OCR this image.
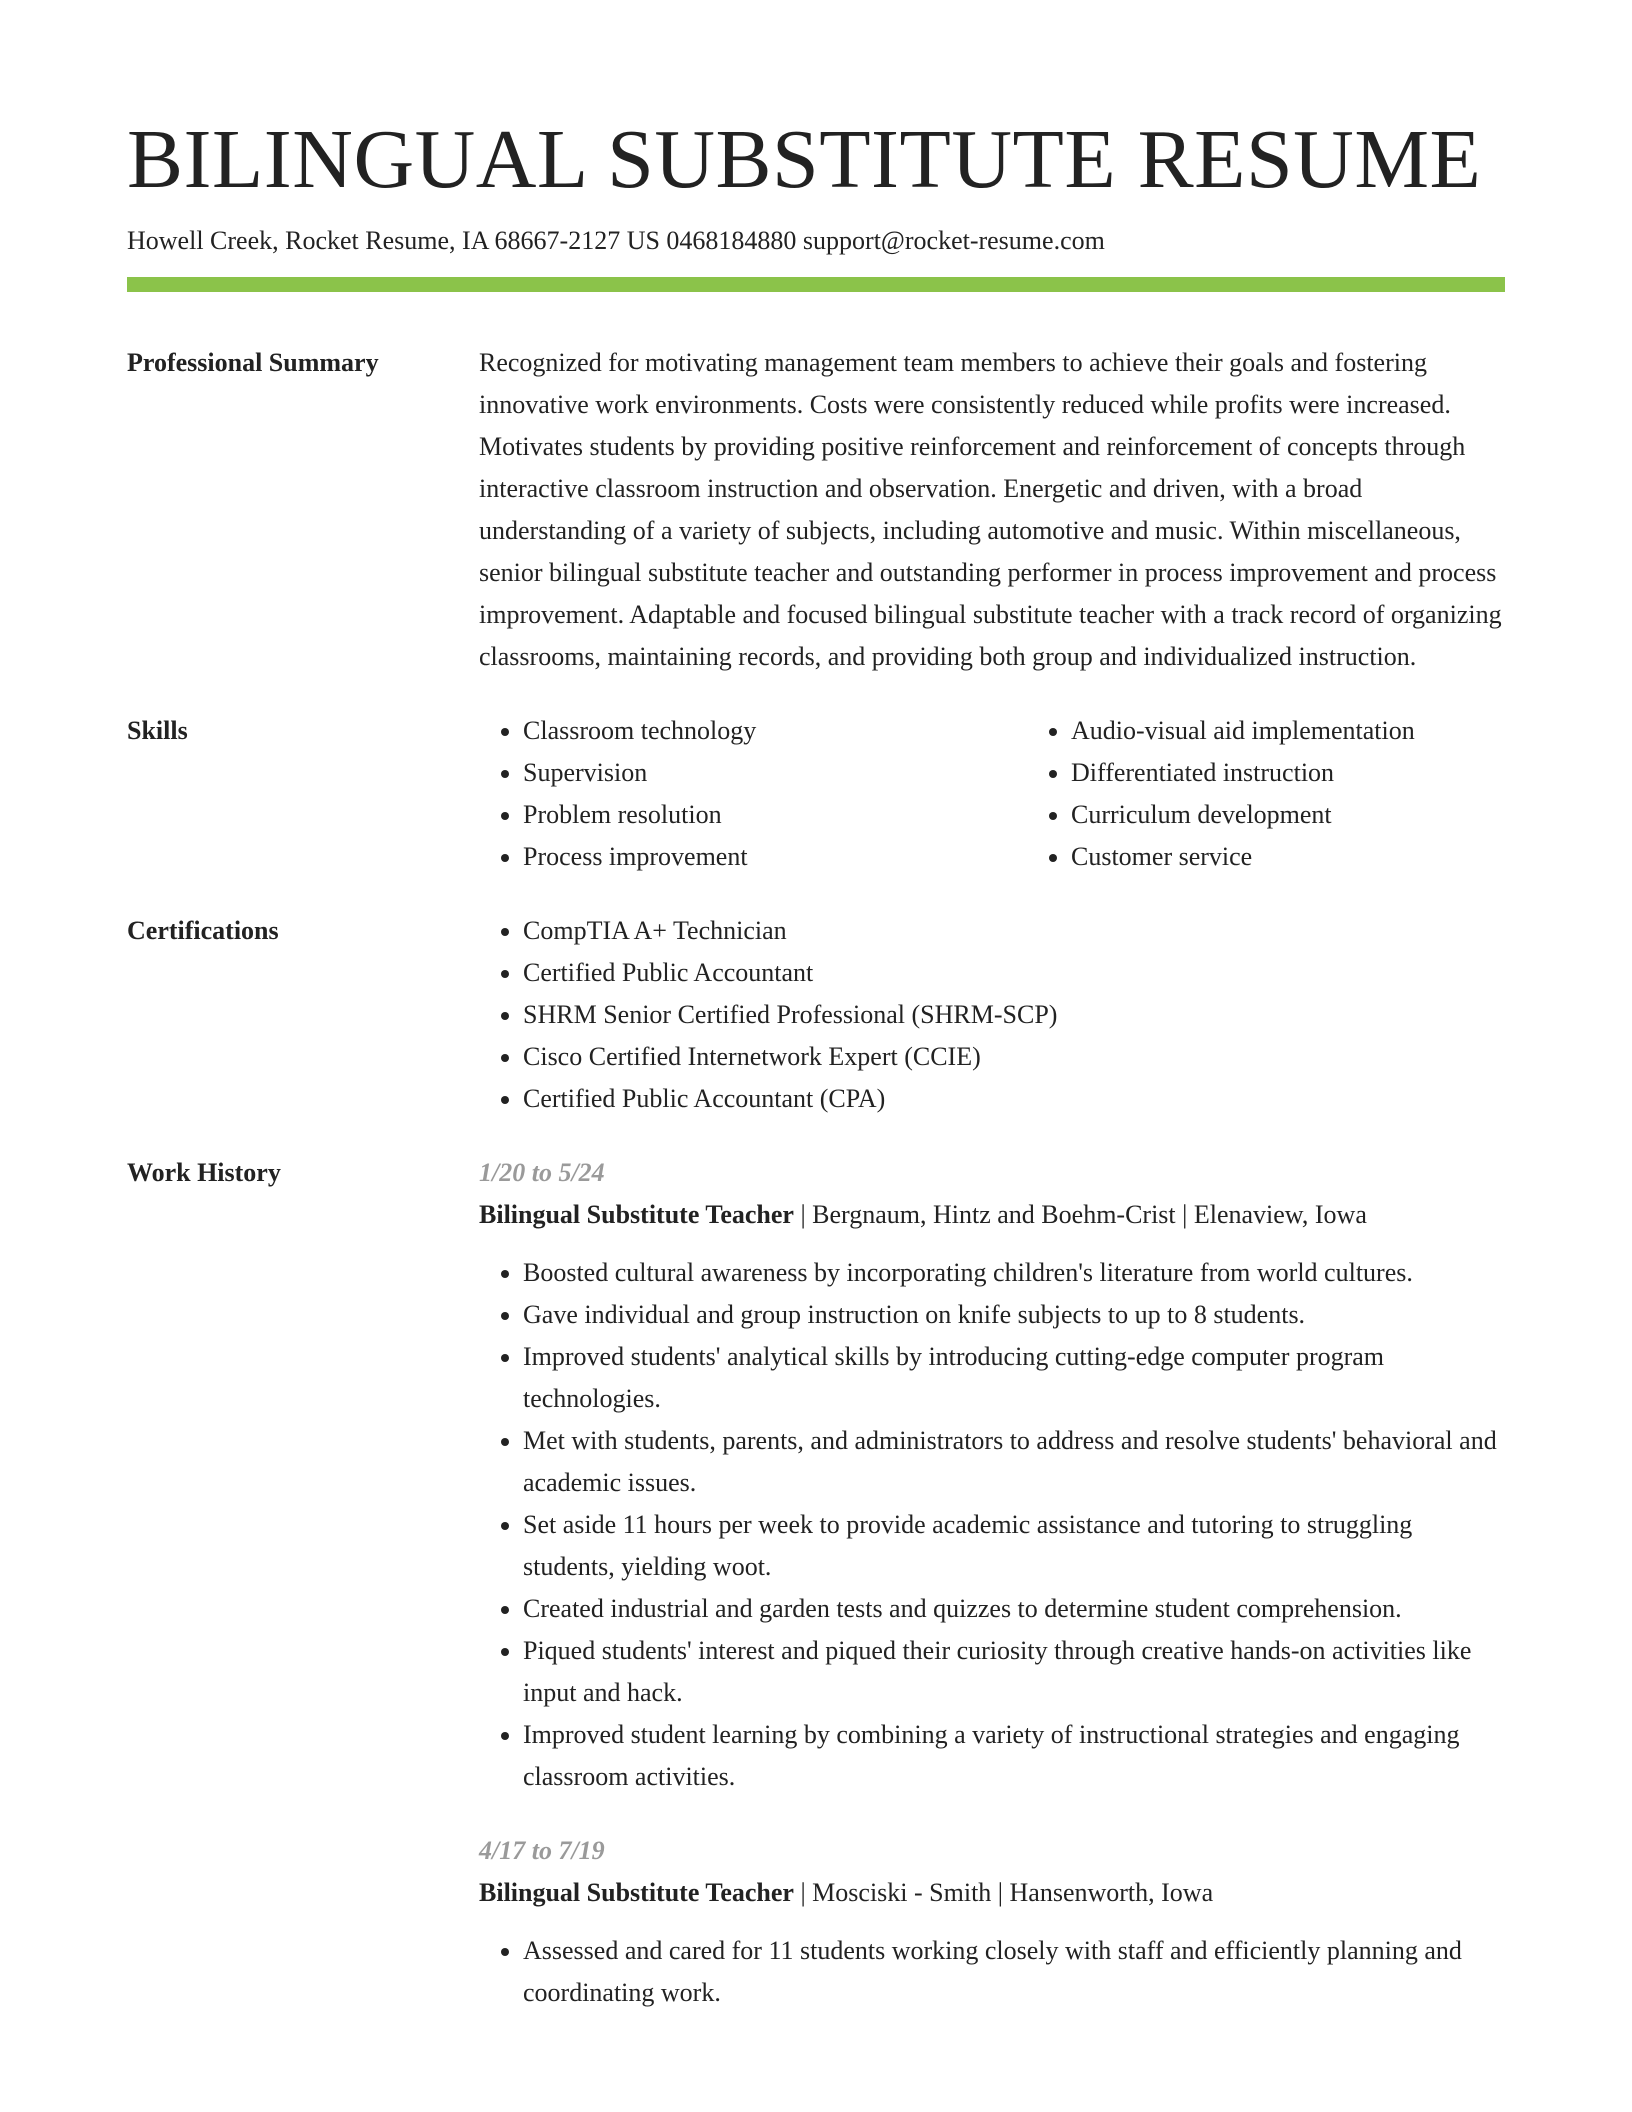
BILINGUAL SUBSTITUTE RESUME
Howell Creek, Rocket Resume, IA 68667-2127 US 0468184880 support@rocket-resume.com
Professional Summary	Recognized for motivating management team members to achieve their goals and fostering innovative work environments. Costs were consistently reduced while profits were increased. Motivates students by providing positive reinforcement and reinforcement of concepts through interactive classroom instruction and observation. Energetic and driven, with a broad understanding of a variety of subjects, including automotive and music. Within miscellaneous, senior bilingual substitute teacher and outstanding performer in process improvement and process improvement. Adaptable and focused bilingual substitute teacher with a track record of organizing classrooms, maintaining records, and providing both group and individualized instruction.
Skills	• Classroom technology
• Supervision
• Problem resolution
• Process improvement
• Audio-visual aid implementation
• Differentiated instruction
• Curriculum development
• Customer service
Certifications	• CompTIA A+ Technician
• Certified Public Accountant
• SHRM Senior Certified Professional (SHRM-SCP)
• Cisco Certified Internetwork Expert (CCIE)
• Certified Public Accountant (CPA)
Work History	1/20 to 5/24
Bilingual Substitute Teacher | Bergnaum, Hintz and Boehm-Crist | Elenaview, Iowa
• Boosted cultural awareness by incorporating children's literature from world cultures.
• Gave individual and group instruction on knife subjects to up to 8 students.
• Improved students' analytical skills by introducing cutting-edge computer program technologies.
• Met with students, parents, and administrators to address and resolve students' behavioral and academic issues.
• Set aside 11 hours per week to provide academic assistance and tutoring to struggling students, yielding woot.
• Created industrial and garden tests and quizzes to determine student comprehension.
• Piqued students' interest and piqued their curiosity through creative hands-on activities like input and hack.
• Improved student learning by combining a variety of instructional strategies and engaging classroom activities.
4/17 to 7/19
Bilingual Substitute Teacher | Mosciski - Smith | Hansenworth, Iowa
• Assessed and cared for 11 students working closely with staff and efficiently planning and coordinating work.
